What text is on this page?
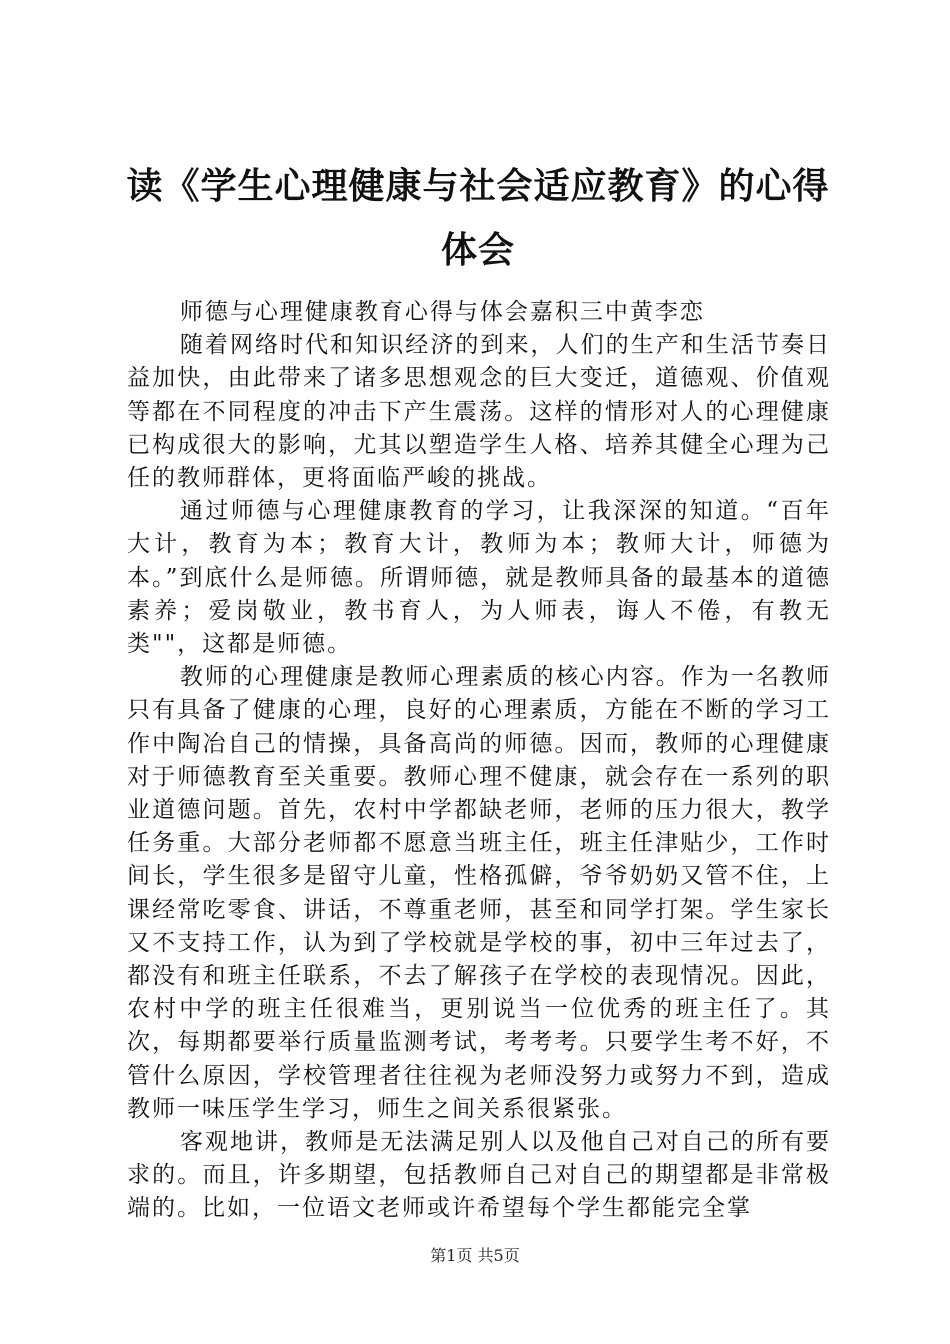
读《学生心理健康与社会适应教育》的心得体会

师德与心理健康教育心得与体会嘉积三中黄李恋

随着网络时代和知识经济的到来，人们的生产和生活节奏日益加快，由此带来了诸多思想观念的巨大变迁，道德观、价值观等都在不同程度的冲击下产生震荡。这样的情形对人的心理健康已构成很大的影响，尤其以塑造学生人格、培养其健全心理为己任的教师群体，更将面临严峻的挑战。

通过师德与心理健康教育的学习，让我深深的知道。“百年大计，教育为本；教育大计，教师为本；教师大计，师德为本。”到底什么是师德。所谓师德，就是教师具备的最基本的道德素养；爱岗敬业，教书育人，为人师表，诲人不倦，有教无类""，这都是师德。

教师的心理健康是教师心理素质的核心内容。作为一名教师只有具备了健康的心理，良好的心理素质，方能在不断的学习工作中陶冶自己的情操，具备高尚的师德。因而，教师的心理健康对于师德教育至关重要。教师心理不健康，就会存在一系列的职业道德问题。首先，农村中学都缺老师，老师的压力很大，教学任务重。大部分老师都不愿意当班主任，班主任津贴少，工作时间长，学生很多是留守儿童，性格孤僻，爷爷奶奶又管不住，上课经常吃零食、讲话，不尊重老师，甚至和同学打架。学生家长又不支持工作，认为到了学校就是学校的事，初中三年过去了，都没有和班主任联系，不去了解孩子在学校的表现情况。因此，农村中学的班主任很难当，更别说当一位优秀的班主任了。其次，每期都要举行质量监测考试，考考考。只要学生考不好，不管什么原因，学校管理者往往视为老师没努力或努力不到，造成教师一味压学生学习，师生之间关系很紧张。

客观地讲，教师是无法满足别人以及他自己对自己的所有要求的。而且，许多期望，包括教师自己对自己的期望都是非常极端的。比如，一位语文老师或许希望每个学生都能完全掌

第1页 共5页
